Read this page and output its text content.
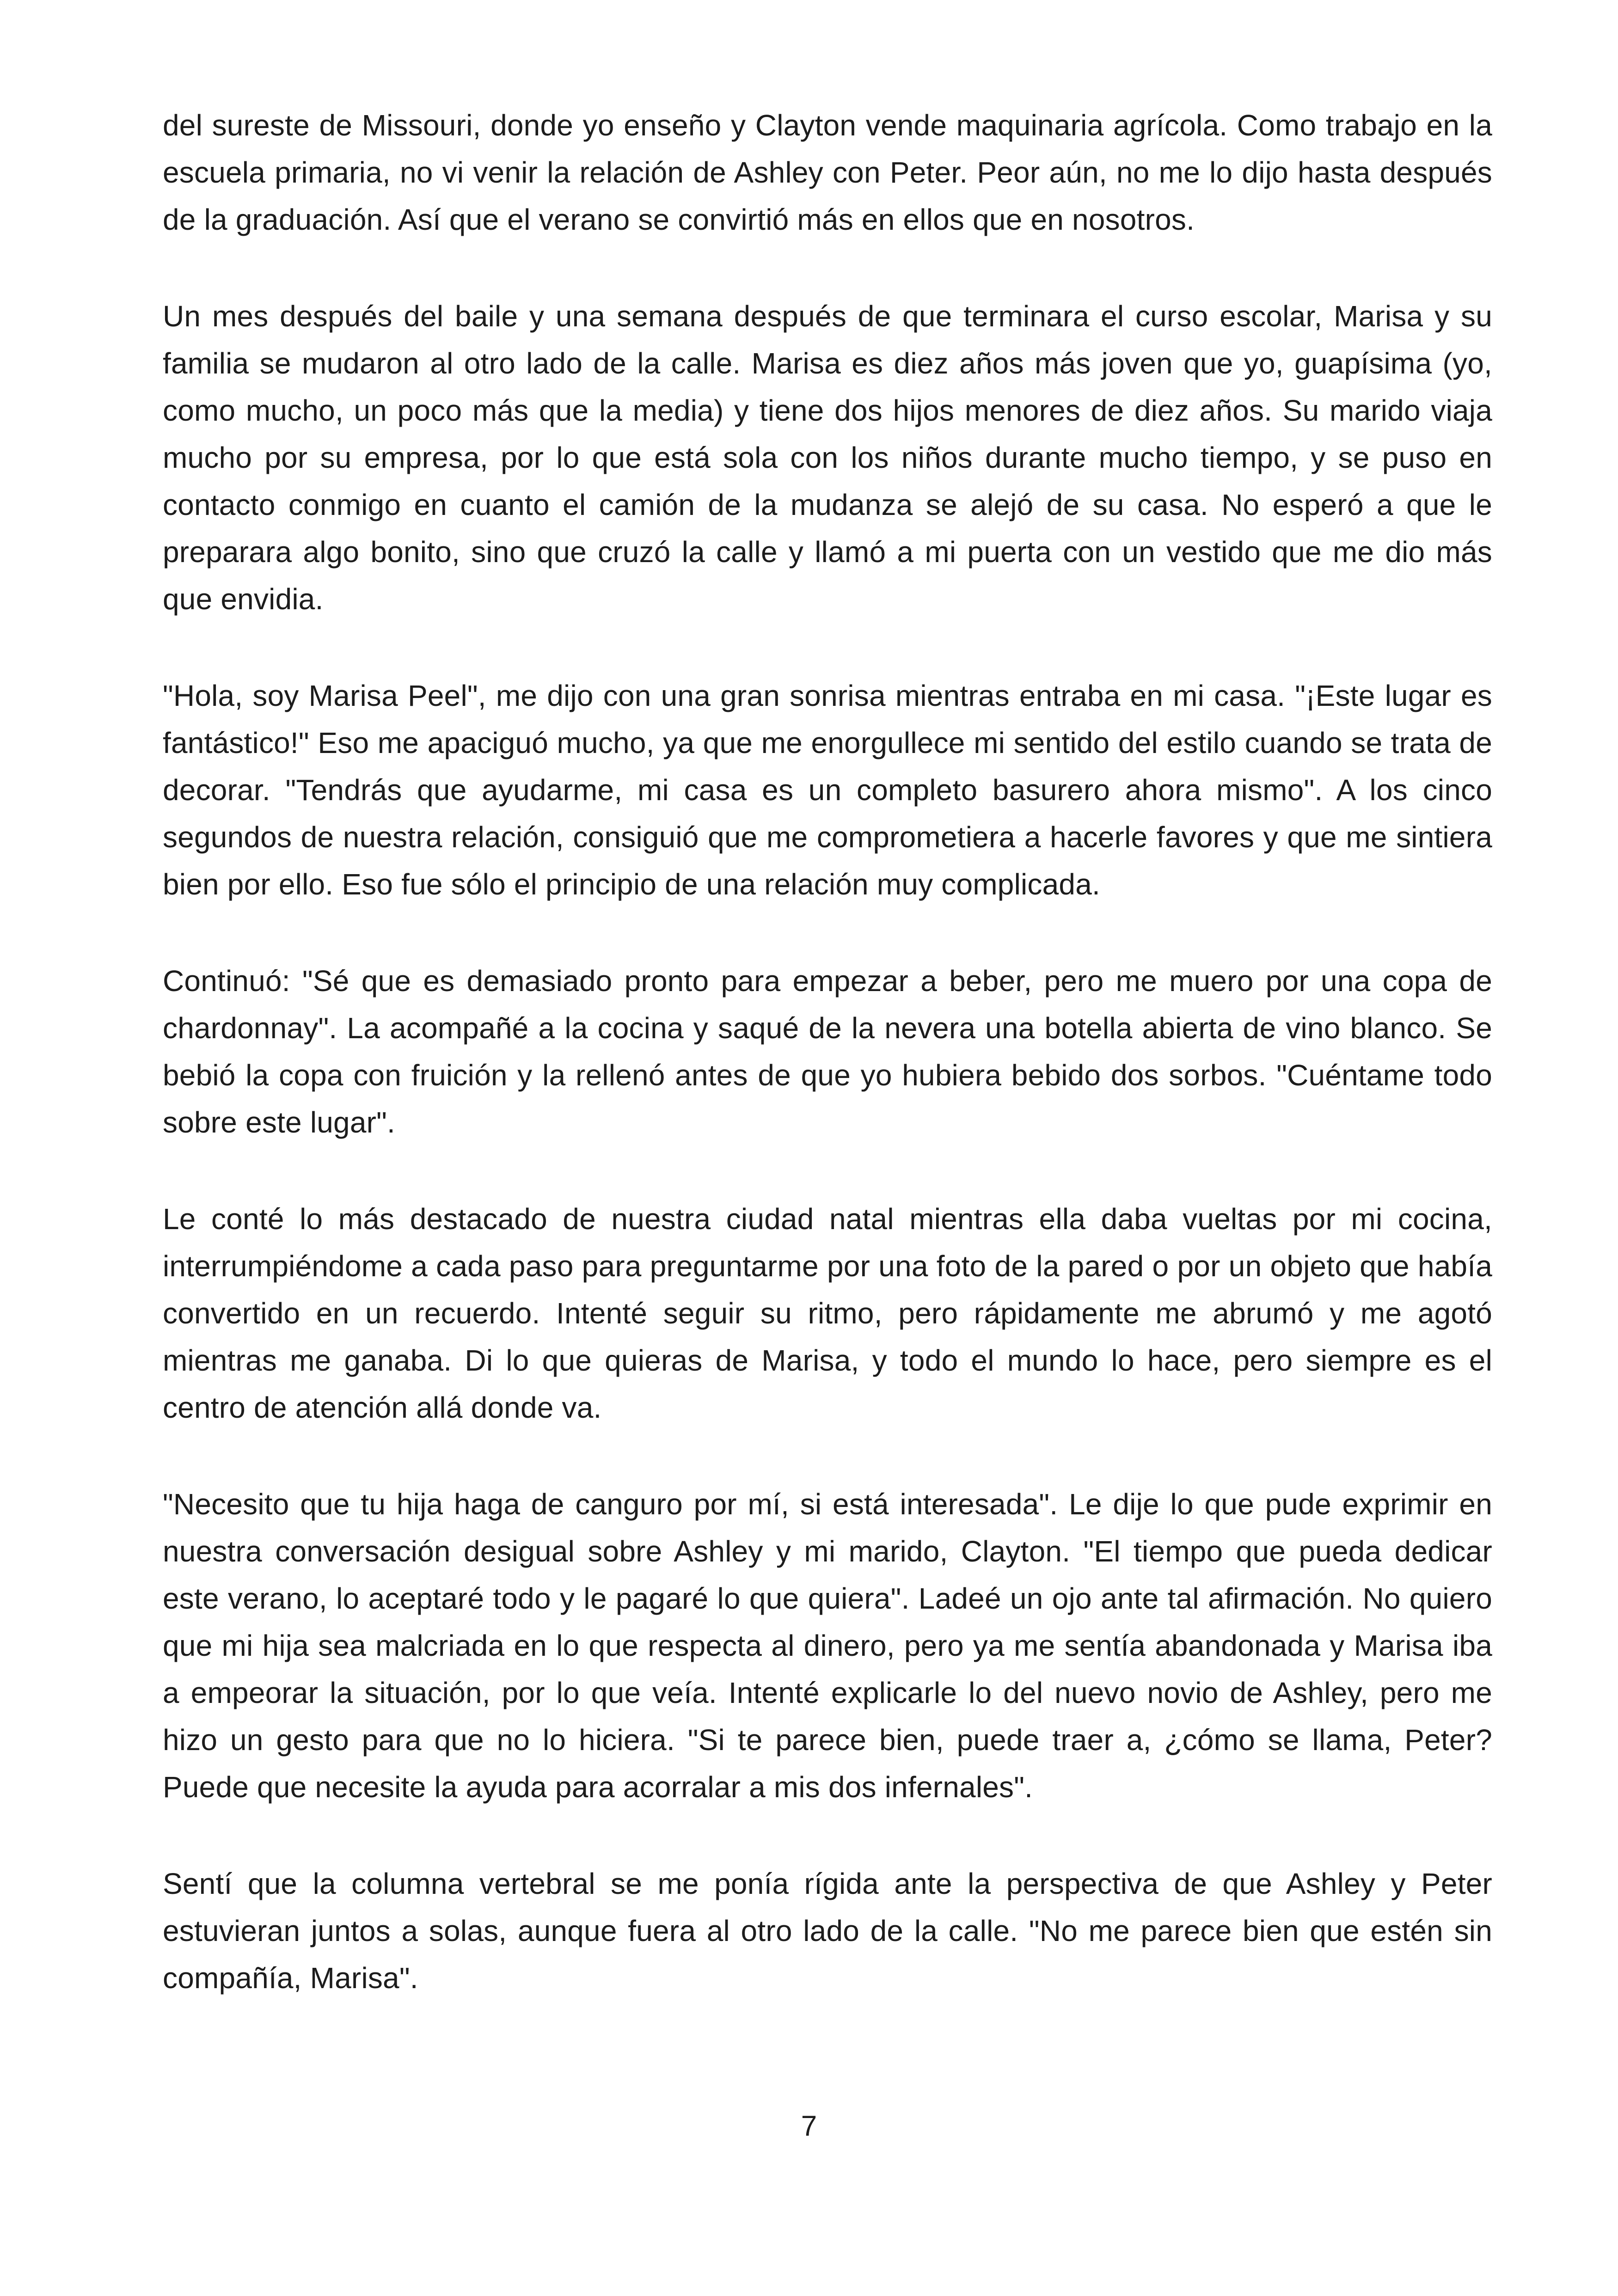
del sureste de Missouri, donde yo enseño y Clayton vende maquinaria agrícola. Como trabajo en la escuela primaria, no vi venir la relación de Ashley con Peter. Peor aún, no me lo dijo hasta después de la graduación. Así que el verano se convirtió más en ellos que en nosotros.

Un mes después del baile y una semana después de que terminara el curso escolar, Marisa y su familia se mudaron al otro lado de la calle. Marisa es diez años más joven que yo, guapísima (yo, como mucho, un poco más que la media) y tiene dos hijos menores de diez años. Su marido viaja mucho por su empresa, por lo que está sola con los niños durante mucho tiempo, y se puso en contacto conmigo en cuanto el camión de la mudanza se alejó de su casa. No esperó a que le preparara algo bonito, sino que cruzó la calle y llamó a mi puerta con un vestido que me dio más que envidia.

"Hola, soy Marisa Peel", me dijo con una gran sonrisa mientras entraba en mi casa. "¡Este lugar es fantástico!" Eso me apaciguó mucho, ya que me enorgullece mi sentido del estilo cuando se trata de decorar. "Tendrás que ayudarme, mi casa es un completo basurero ahora mismo". A los cinco segundos de nuestra relación, consiguió que me comprometiera a hacerle favores y que me sintiera bien por ello. Eso fue sólo el principio de una relación muy complicada.

Continuó: "Sé que es demasiado pronto para empezar a beber, pero me muero por una copa de chardonnay". La acompañé a la cocina y saqué de la nevera una botella abierta de vino blanco. Se bebió la copa con fruición y la rellenó antes de que yo hubiera bebido dos sorbos. "Cuéntame todo sobre este lugar".

Le conté lo más destacado de nuestra ciudad natal mientras ella daba vueltas por mi cocina, interrumpiéndome a cada paso para preguntarme por una foto de la pared o por un objeto que había convertido en un recuerdo. Intenté seguir su ritmo, pero rápidamente me abrumó y me agotó mientras me ganaba. Di lo que quieras de Marisa, y todo el mundo lo hace, pero siempre es el centro de atención allá donde va.

"Necesito que tu hija haga de canguro por mí, si está interesada". Le dije lo que pude exprimir en nuestra conversación desigual sobre Ashley y mi marido, Clayton. "El tiempo que pueda dedicar este verano, lo aceptaré todo y le pagaré lo que quiera". Ladeé un ojo ante tal afirmación. No quiero que mi hija sea malcriada en lo que respecta al dinero, pero ya me sentía abandonada y Marisa iba a empeorar la situación, por lo que veía. Intenté explicarle lo del nuevo novio de Ashley, pero me hizo un gesto para que no lo hiciera. "Si te parece bien, puede traer a, ¿cómo se llama, Peter? Puede que necesite la ayuda para acorralar a mis dos infernales".

Sentí que la columna vertebral se me ponía rígida ante la perspectiva de que Ashley y Peter estuvieran juntos a solas, aunque fuera al otro lado de la calle. "No me parece bien que estén sin compañía, Marisa".

7
